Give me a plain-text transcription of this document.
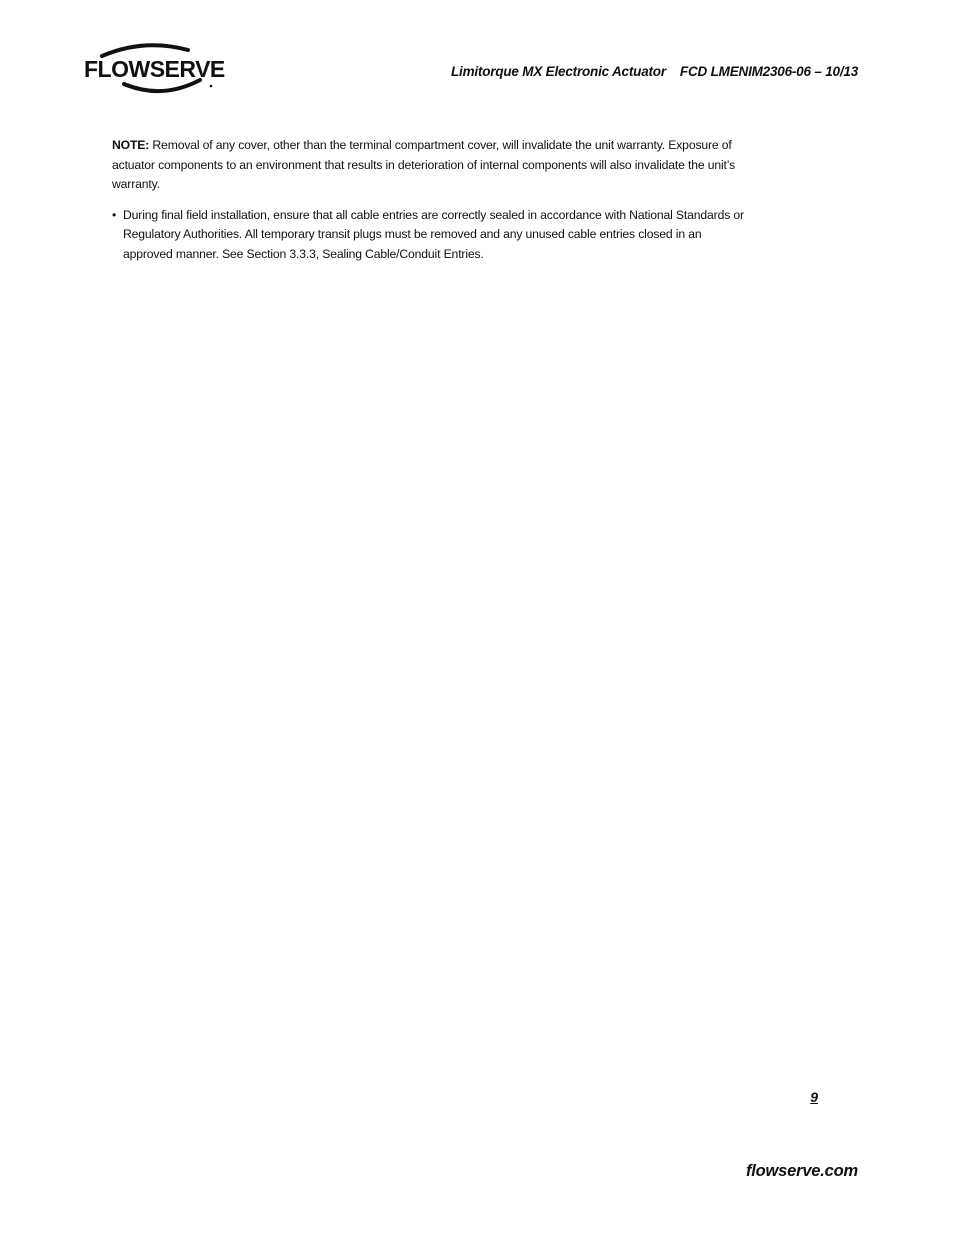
FLOWSERVE	Limitorque MX Electronic Actuator FCD LMENIM2306-06 – 10/13

NOTE: Removal of any cover, other than the terminal compartment cover, will invalidate the unit warranty. Exposure of actuator components to an environment that results in deterioration of internal components will also invalidate the unit’s warranty.

• During final field installation, ensure that all cable entries are correctly sealed in accordance with National Standards or Regulatory Authorities. All temporary transit plugs must be removed and any unused cable entries closed in an approved manner. See Section 3.3.3, Sealing Cable/Conduit Entries.
9
flowserve.com
